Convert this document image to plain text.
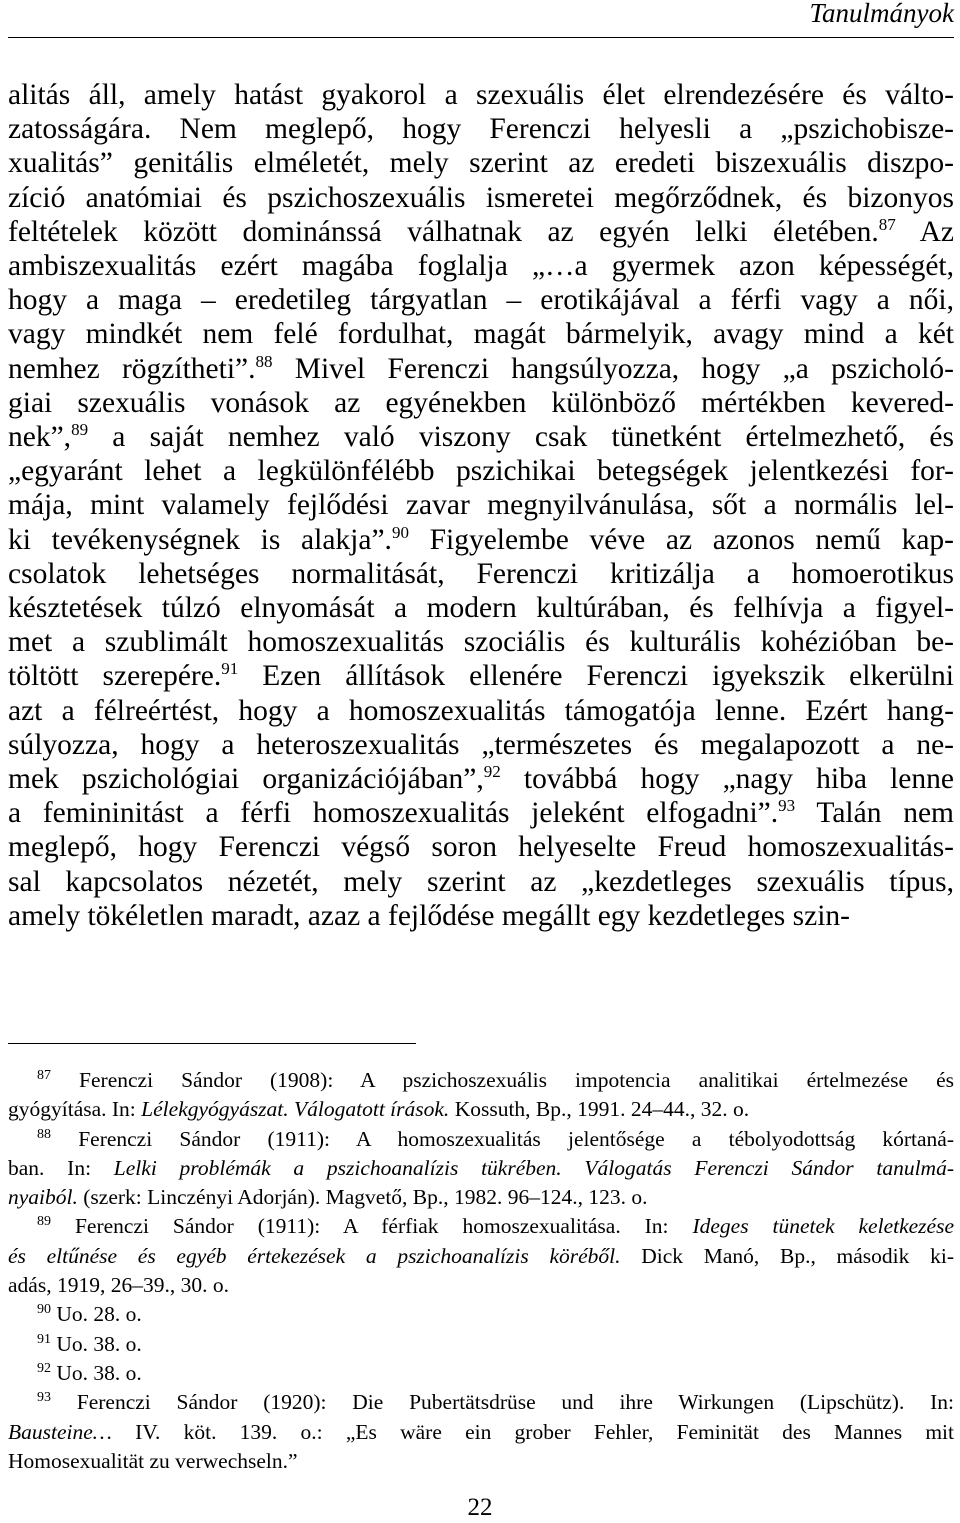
Tanulmányok
alitás áll, amely hatást gyakorol a szexuális élet elrendezésére és válto-
zatosságára. Nem meglepő, hogy Ferenczi helyesli a „pszichobisze-
xualitás” genitális elméletét, mely szerint az eredeti biszexuális diszpo-
zíció anatómiai és pszichoszexuális ismeretei megőrződnek, és bizonyos
feltételek között dominánssá válhatnak az egyén lelki életében.$^{87}$ Az
ambiszexualitás ezért magába foglalja „…a gyermek azon képességét,
hogy a maga – eredetileg tárgyatlan – erotikájával a férfi vagy a női,
vagy mindkét nem felé fordulhat, magát bármelyik, avagy mind a két
nemhez rögzítheti”.$^{88}$ Mivel Ferenczi hangsúlyozza, hogy „a pszicholó-
giai szexuális vonások az egyénekben különböző mértékben kevered-
nek”,$^{89}$ a saját nemhez való viszony csak tünetként értelmezhető, és
„egyaránt lehet a legkülönfélébb pszichikai betegségek jelentkezési for-
mája, mint valamely fejlődési zavar megnyilvánulása, sőt a normális lel-
ki tevékenységnek is alakja”.$^{90}$ Figyelembe véve az azonos nemű kap-
csolatok lehetséges normalitását, Ferenczi kritizálja a homoerotikus
késztetések túlzó elnyomását a modern kultúrában, és felhívja a figyel-
met a szublimált homoszexualitás szociális és kulturális kohézióban be-
töltött szerepére.$^{91}$ Ezen állítások ellenére Ferenczi igyekszik elkerülni
azt a félreértést, hogy a homoszexualitás támogatója lenne. Ezért hang-
súlyozza, hogy a heteroszexualitás „természetes és megalapozott a ne-
mek pszichológiai organizációjában”,$^{92}$ továbbá hogy „nagy hiba lenne
a femininitást a férfi homoszexualitás jeleként elfogadni”.$^{93}$ Talán nem
meglepő, hogy Ferenczi végső soron helyeselte Freud homoszexualitás-
sal kapcsolatos nézetét, mely szerint az „kezdetleges szexuális típus,
amely tökéletlen maradt, azaz a fejlődése megállt egy kezdetleges szin-
$^{87}$ Ferenczi Sándor (1908): A pszichoszexuális impotencia analitikai értelmezése és
gyógyítása. In: Lélekgyógyászat. Válogatott írások. Kossuth, Bp., 1991. 24–44., 32. o.
$^{88}$ Ferenczi Sándor (1911): A homoszexualitás jelentősége a tébolyodottság kórtaná-
ban. In: Lelki problémák a pszichoanalízis tükrében. Válogatás Ferenczi Sándor tanulmá-
nyaiból. (szerk: Linczényi Adorján). Magvető, Bp., 1982. 96–124., 123. o.
$^{89}$ Ferenczi Sándor (1911): A férfiak homoszexualitása. In: Ideges tünetek keletkezése
és eltűnése és egyéb értekezések a pszichoanalízis köréből. Dick Manó, Bp., második ki-
adás, 1919, 26–39., 30. o.
$^{90}$ Uo. 28. o.
$^{91}$ Uo. 38. o.
$^{92}$ Uo. 38. o.
$^{93}$ Ferenczi Sándor (1920): Die Pubertätsdrüse und ihre Wirkungen (Lipschütz). In:
Bausteine… IV. köt. 139. o.: „Es wäre ein grober Fehler, Feminität des Mannes mit
Homosexualität zu verwechseln.”
22
